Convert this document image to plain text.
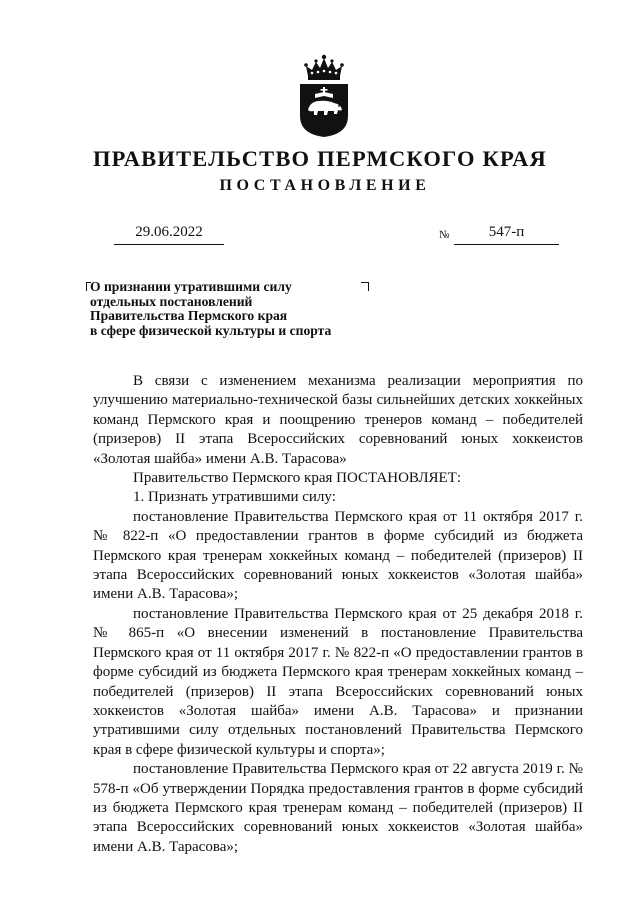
ПРАВИТЕЛЬСТВО ПЕРМСКОГО КРАЯ
ПОСТАНОВЛЕНИЕ
29.06.2022	№	547-п
О признании утратившими силу
отдельных постановлений
Правительства Пермского края
в сфере физической культуры и спорта

В связи с изменением механизма реализации мероприятия по улучшению материально-технической базы сильнейших детских хоккейных команд Пермского края и поощрению тренеров команд – победителей (призеров) II этапа Всероссийских соревнований юных хоккеистов «Золотая шайба» имени А.В. Тарасова»

Правительство Пермского края ПОСТАНОВЛЯЕТ:

1. Признать утратившими силу:

постановление Правительства Пермского края от 11 октября 2017 г. № 822-п «О предоставлении грантов в форме субсидий из бюджета Пермского края тренерам хоккейных команд – победителей (призеров) II этапа Всероссийских соревнований юных хоккеистов «Золотая шайба» имени А.В. Тарасова»;

постановление Правительства Пермского края от 25 декабря 2018 г. № 865-п «О внесении изменений в постановление Правительства Пермского края от 11 октября 2017 г. № 822-п «О предоставлении грантов в форме субсидий из бюджета Пермского края тренерам хоккейных команд – победителей (призеров) II этапа Всероссийских соревнований юных хоккеистов «Золотая шайба» имени А.В. Тарасова» и признании утратившими силу отдельных постановлений Правительства Пермского края в сфере физической культуры и спорта»;

постановление Правительства Пермского края от 22 августа 2019 г. № 578-п «Об утверждении Порядка предоставления грантов в форме субсидий из бюджета Пермского края тренерам команд – победителей (призеров) II этапа Всероссийских соревнований юных хоккеистов «Золотая шайба» имени А.В. Тарасова»;
